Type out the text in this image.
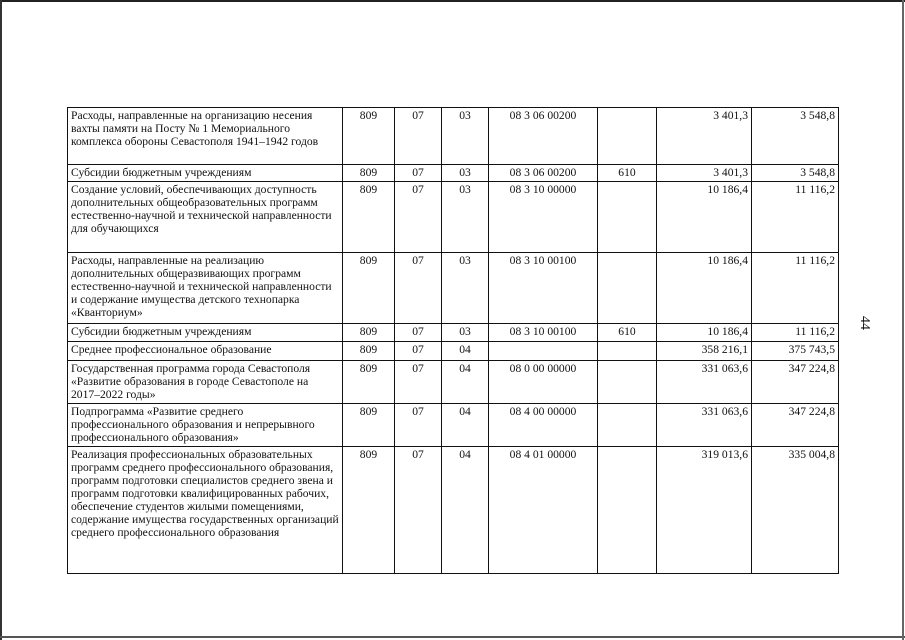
Расходы, направленные на организацию несения вахты памяти на Посту № 1 Мемориального комплекса обороны Севастополя 1941–1942 годов	809	07	03	08 3 06 00200		3 401,3	3 548,8
Субсидии бюджетным учреждениям	809	07	03	08 3 06 00200	610	3 401,3	3 548,8
Создание условий, обеспечивающих доступность дополнительных общеобразовательных программ естественно-научной и технической направленности для обучающихся	809	07	03	08 3 10 00000		10 186,4	11 116,2
Расходы, направленные на реализацию дополнительных общеразвивающих программ естественно-научной и технической направленности и содержание имущества детского технопарка «Кванториум»	809	07	03	08 3 10 00100		10 186,4	11 116,2
Субсидии бюджетным учреждениям	809	07	03	08 3 10 00100	610	10 186,4	11 116,2
Среднее профессиональное образование	809	07	04			358 216,1	375 743,5
Государственная программа города Севастополя «Развитие образования в городе Севастополе на 2017–2022 годы»	809	07	04	08 0 00 00000		331 063,6	347 224,8
Подпрограмма «Развитие среднего профессионального образования и непрерывного профессионального образования»	809	07	04	08 4 00 00000		331 063,6	347 224,8
Реализация профессиональных образовательных программ среднего профессионального образования, программ подготовки специалистов среднего звена и программ подготовки квалифицированных рабочих, обеспечение студентов жилыми помещениями, содержание имущества государственных организаций среднего профессионального образования	809	07	04	08 4 01 00000		319 013,6	335 004,8
44
